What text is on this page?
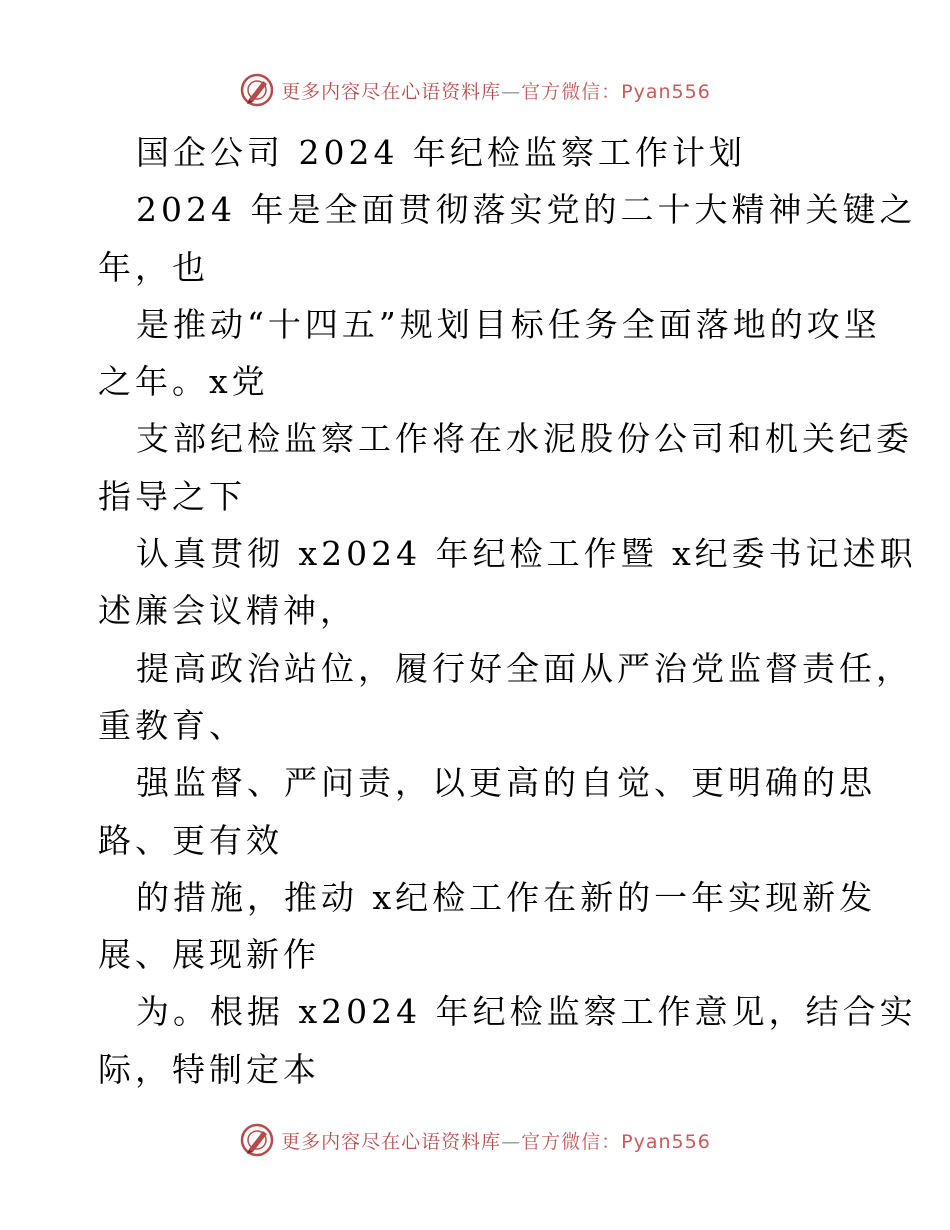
更多内容尽在心语资料库—官方微信：Pyan556
国企公司 2024 年纪检监察工作计划
2024 年是全面贯彻落实党的二十大精神关键之
年，也
是推动“十四五”规划目标任务全面落地的攻坚
之年。x党
支部纪检监察工作将在水泥股份公司和机关纪委
指导之下
认真贯彻 x2024 年纪检工作暨 x纪委书记述职
述廉会议精神，
提高政治站位，履行好全面从严治党监督责任，
重教育、
强监督、严问责，以更高的自觉、更明确的思
路、更有效
的措施，推动 x纪检工作在新的一年实现新发
展、展现新作
为。根据 x2024 年纪检监察工作意见，结合实
际，特制定本
更多内容尽在心语资料库—官方微信：Pyan556
